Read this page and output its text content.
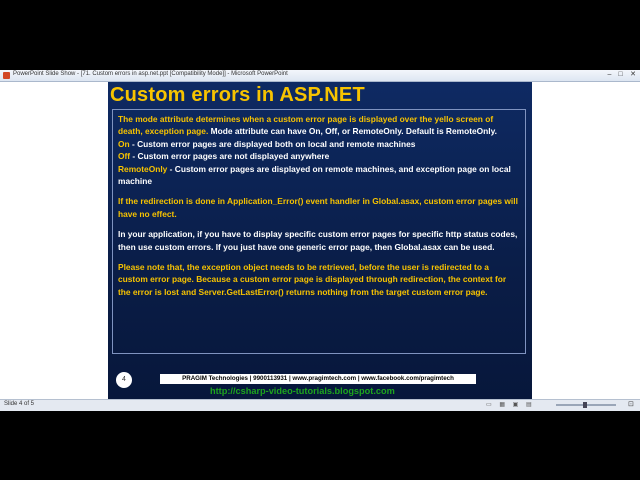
PowerPoint Slide Show - [71. Custom errors in asp.net.ppt [Compatibility Mode]] - Microsoft PowerPoint	– □	✕
Custom errors in ASP.NET

The mode attribute determines when a custom error page is displayed over the yello screen of death, exception page. Mode attribute can have On, Off, or RemoteOnly. Default is RemoteOnly.

On - Custom error pages are displayed both on local and remote machines

Off - Custom error pages are not displayed anywhere

RemoteOnly - Custom error pages are displayed on remote machines, and exception page on local machine

If the redirection is done in Application_Error() event handler in Global.asax, custom error pages will have no effect.

In your application, if you have to display specific custom error pages for specific http status codes, then use custom errors. If you just have one generic error page, then Global.asax can be used.

Please note that, the exception object needs to be retrieved, before the user is redirected to a custom error page. Because a custom error page is displayed through redirection, the context for the error is lost and Server.GetLastError() returns nothing from the target custom error page.

4	PRAGIM Technologies | 9900113931 | www.pragimtech.com | www.facebook.com/pragimtech
http://csharp-video-tutorials.blogspot.com
Slide 4 of 5	▭ ▦ ▣ ▤	⊡
